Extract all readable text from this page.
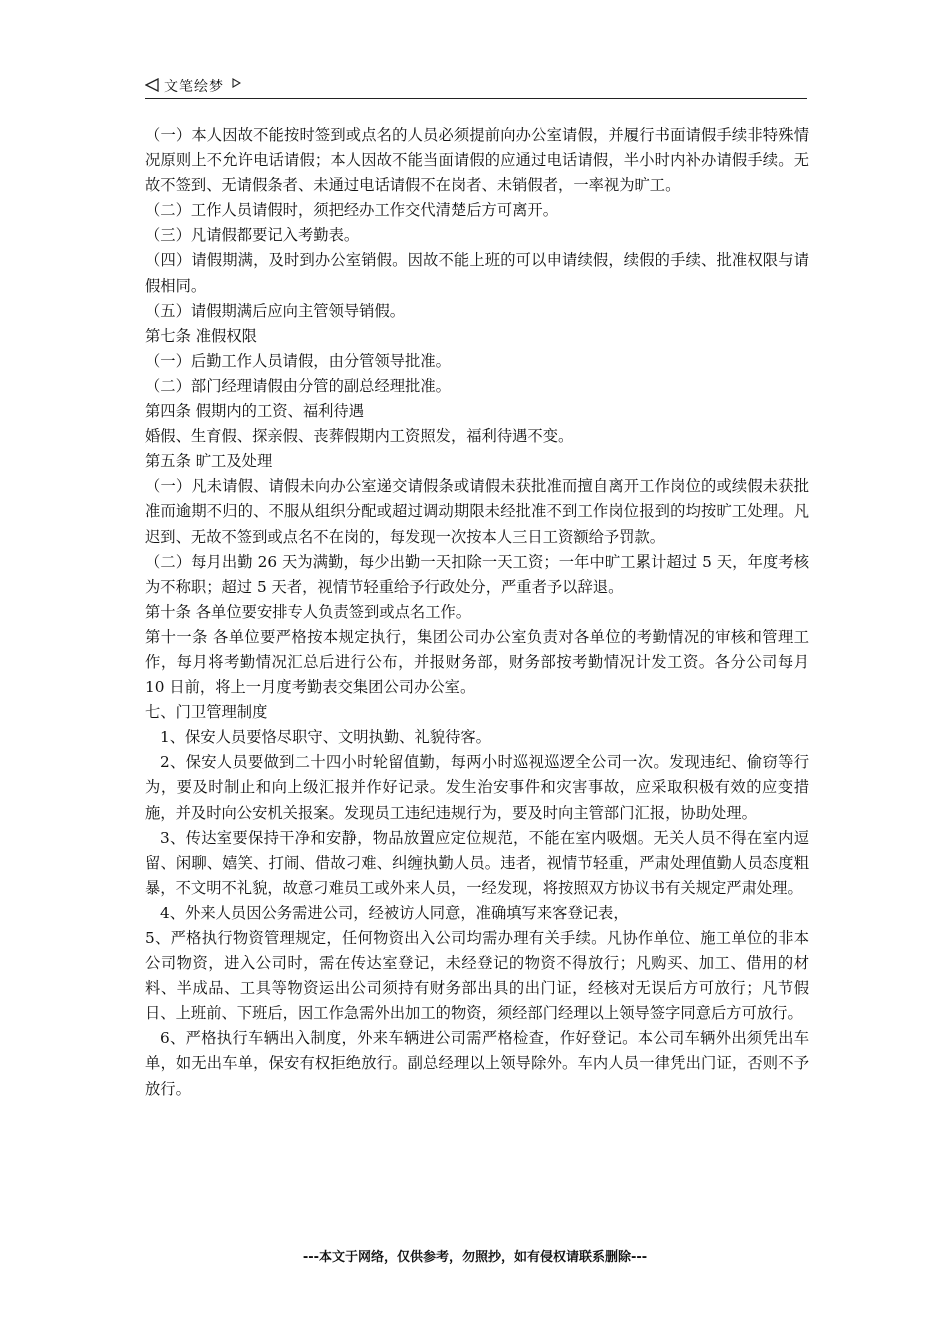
文笔绘梦

（一）本人因故不能按时签到或点名的人员必须提前向办公室请假，并履行书面请假手续非特殊情况原则上不允许电话请假；本人因故不能当面请假的应通过电话请假，半小时内补办请假手续。无故不签到、无请假条者、未通过电话请假不在岗者、未销假者，一率视为旷工。

（二）工作人员请假时，须把经办工作交代清楚后方可离开。

（三）凡请假都要记入考勤表。

（四）请假期满，及时到办公室销假。因故不能上班的可以申请续假，续假的手续、批准权限与请假相同。

（五）请假期满后应向主管领导销假。

第七条 准假权限

（一）后勤工作人员请假，由分管领导批准。

（二）部门经理请假由分管的副总经理批准。

第四条 假期内的工资、福利待遇

婚假、生育假、探亲假、丧葬假期内工资照发，福利待遇不变。

第五条 旷工及处理

（一）凡未请假、请假未向办公室递交请假条或请假未获批准而擅自离开工作岗位的或续假未获批准而逾期不归的、不服从组织分配或超过调动期限未经批准不到工作岗位报到的均按旷工处理。凡迟到、无故不签到或点名不在岗的，每发现一次按本人三日工资额给予罚款。

（二）每月出勤 26 天为满勤，每少出勤一天扣除一天工资；一年中旷工累计超过 5 天，年度考核为不称职；超过 5 天者，视情节轻重给予行政处分，严重者予以辞退。

第十条 各单位要安排专人负责签到或点名工作。

第十一条 各单位要严格按本规定执行，集团公司办公室负责对各单位的考勤情况的审核和管理工作，每月将考勤情况汇总后进行公布，并报财务部，财务部按考勤情况计发工资。各分公司每月 10 日前，将上一月度考勤表交集团公司办公室。

七、门卫管理制度

1、保安人员要恪尽职守、文明执勤、礼貌待客。

2、保安人员要做到二十四小时轮留值勤，每两小时巡视巡逻全公司一次。发现违纪、偷窃等行为，要及时制止和向上级汇报并作好记录。发生治安事件和灾害事故，应采取积极有效的应变措施，并及时向公安机关报案。发现员工违纪违规行为，要及时向主管部门汇报，协助处理。

3、传达室要保持干净和安静，物品放置应定位规范，不能在室内吸烟。无关人员不得在室内逗留、闲聊、嬉笑、打闹、借故刁难、纠缠执勤人员。违者，视情节轻重，严肃处理值勤人员态度粗暴，不文明不礼貌，故意刁难员工或外来人员，一经发现，将按照双方协议书有关规定严肃处理。

4、外来人员因公务需进公司，经被访人同意，准确填写来客登记表，

5、严格执行物资管理规定，任何物资出入公司均需办理有关手续。凡协作单位、施工单位的非本公司物资，进入公司时，需在传达室登记，未经登记的物资不得放行；凡购买、加工、借用的材料、半成品、工具等物资运出公司须持有财务部出具的出门证，经核对无误后方可放行；凡节假日、上班前、下班后，因工作急需外出加工的物资，须经部门经理以上领导签字同意后方可放行。

6、严格执行车辆出入制度，外来车辆进公司需严格检查，作好登记。本公司车辆外出须凭出车单，如无出车单，保安有权拒绝放行。副总经理以上领导除外。车内人员一律凭出门证，否则不予放行。

---本文于网络，仅供参考，勿照抄，如有侵权请联系删除---
